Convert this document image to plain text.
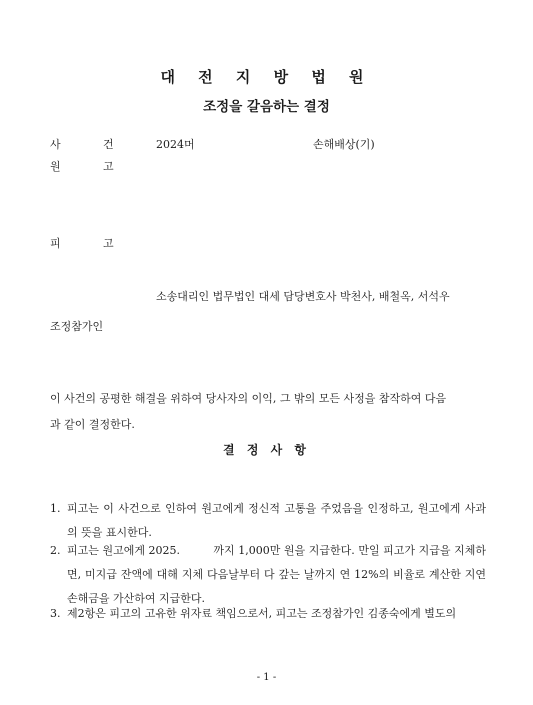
대 전 지 방 법 원
조정을 갈음하는 결정
사	건	2024머	손해배상(기)
원	고
피	고
소송대리인 법무법인 대세 담당변호사 박천사, 배철옥, 서석우
조정참가인
이 사건의 공평한 해결을 위하여 당사자의 이익, 그 밖의 모든 사정을 참작하여 다음
과 같이 결정한다.
결 정 사 항
1. 피고는 이 사건으로 인하여 원고에게 정신적 고통을 주었음을 인정하고, 원고에게 사과의 뜻을 표시한다.
2. 피고는 원고에게 2025.　　　까지 1,000만 원을 지급한다. 만일 피고가 지급을 지체하면, 미지급 잔액에 대해 지체 다음날부터 다 갚는 날까지 연 12%의 비율로 계산한 지연손해금을 가산하여 지급한다.
3. 제2항은 피고의 고유한 위자료 책임으로서, 피고는 조정참가인 김종숙에게 별도의
- 1 -
